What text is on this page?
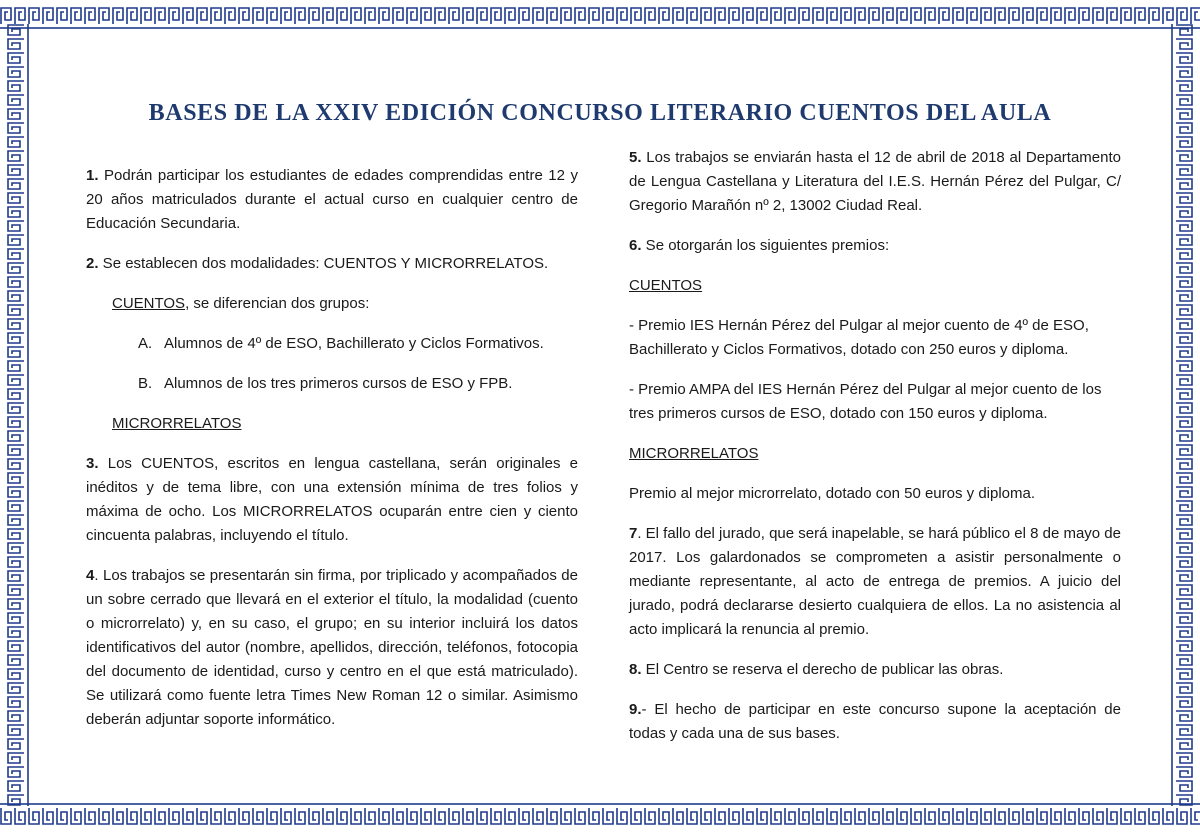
BASES DE LA XXIV EDICIÓN CONCURSO LITERARIO CUENTOS DEL AULA

1. Podrán participar los estudiantes de edades comprendidas entre 12 y 20 años matriculados durante el actual curso en cualquier centro de Educación Secundaria.

2. Se establecen dos modalidades: CUENTOS Y MICRORRELATOS.

CUENTOS, se diferencian dos grupos:

A. Alumnos de 4º de ESO, Bachillerato y Ciclos Formativos.

B. Alumnos de los tres primeros cursos de ESO y FPB.

MICRORRELATOS

3. Los CUENTOS, escritos en lengua castellana, serán originales e inéditos y de tema libre, con una extensión mínima de tres folios y máxima de ocho. Los MICRORRELATOS ocuparán entre cien y ciento cincuenta palabras, incluyendo el título.

4. Los trabajos se presentarán sin firma, por triplicado y acompañados de un sobre cerrado que llevará en el exterior el título, la modalidad (cuento o microrrelato) y, en su caso, el grupo; en su interior incluirá los datos identificativos del autor (nombre, apellidos, dirección, teléfonos, fotocopia del documento de identidad, curso y centro en el que está matriculado). Se utilizará como fuente letra Times New Roman 12 o similar. Asimismo deberán adjuntar soporte informático.

5. Los trabajos se enviarán hasta el 12 de abril de 2018 al Departamento de Lengua Castellana y Literatura del I.E.S. Hernán Pérez del Pulgar, C/ Gregorio Marañón nº 2, 13002 Ciudad Real.

6. Se otorgarán los siguientes premios:

CUENTOS

- Premio IES Hernán Pérez del Pulgar al mejor cuento de 4º de ESO, Bachillerato y Ciclos Formativos, dotado con 250 euros y diploma.

- Premio AMPA del IES Hernán Pérez del Pulgar al mejor cuento de los tres primeros cursos de ESO, dotado con 150 euros y diploma.

MICRORRELATOS

Premio al mejor microrrelato, dotado con 50 euros y diploma.

7. El fallo del jurado, que será inapelable, se hará público el 8 de mayo de 2017. Los galardonados se comprometen a asistir personalmente o mediante representante, al acto de entrega de premios. A juicio del jurado, podrá declararse desierto cualquiera de ellos. La no asistencia al acto implicará la renuncia al premio.

8. El Centro se reserva el derecho de publicar las obras.

9.- El hecho de participar en este concurso supone la aceptación de todas y cada una de sus bases.
